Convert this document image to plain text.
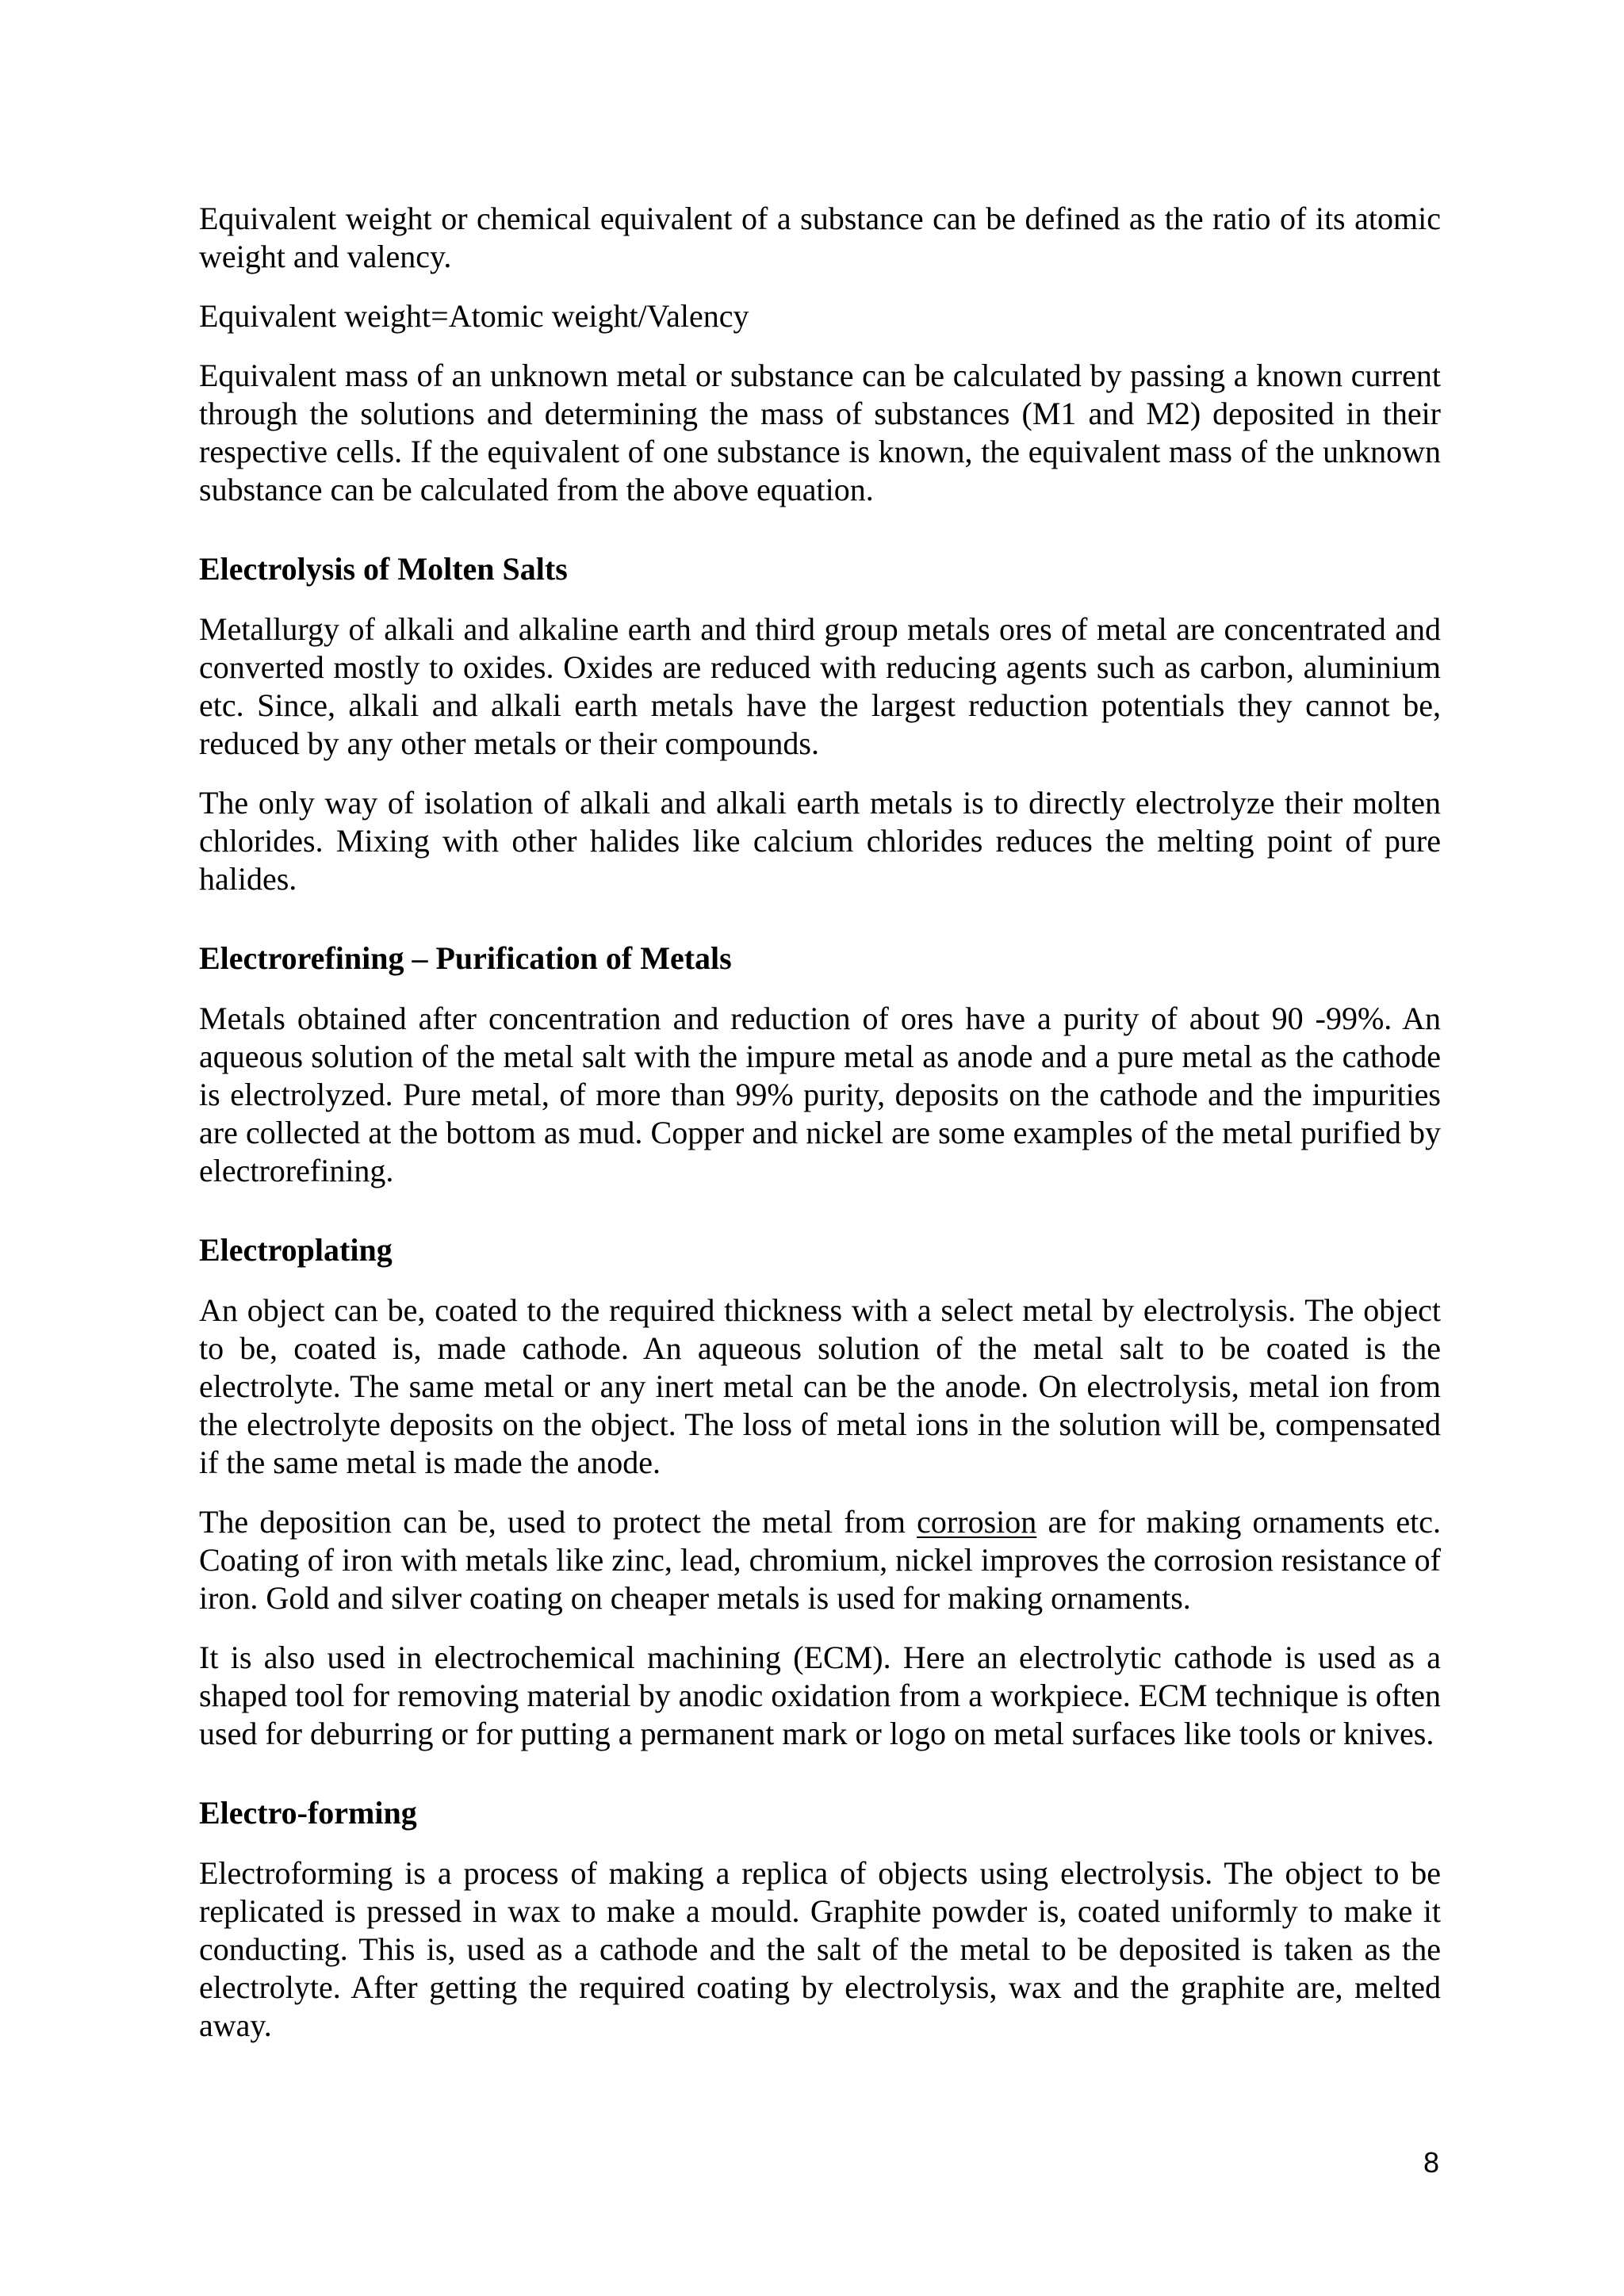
Equivalent weight or chemical equivalent of a substance can be defined as the ratio of its atomic weight and valency.

Equivalent weight=Atomic weight/Valency

Equivalent mass of an unknown metal or substance can be calculated by passing a known current through the solutions and determining the mass of substances (M1 and M2) deposited in their respective cells. If the equivalent of one substance is known, the equivalent mass of the unknown substance can be calculated from the above equation.

Electrolysis of Molten Salts

Metallurgy of alkali and alkaline earth and third group metals ores of metal are concentrated and converted mostly to oxides. Oxides are reduced with reducing agents such as carbon, aluminium etc. Since, alkali and alkali earth metals have the largest reduction potentials they cannot be, reduced by any other metals or their compounds.

The only way of isolation of alkali and alkali earth metals is to directly electrolyze their molten chlorides. Mixing with other halides like calcium chlorides reduces the melting point of pure halides.

Electrorefining – Purification of Metals

Metals obtained after concentration and reduction of ores have a purity of about 90 -99%. An aqueous solution of the metal salt with the impure metal as anode and a pure metal as the cathode is electrolyzed. Pure metal, of more than 99% purity, deposits on the cathode and the impurities are collected at the bottom as mud. Copper and nickel are some examples of the metal purified by electrorefining.

Electroplating

An object can be, coated to the required thickness with a select metal by electrolysis. The object to be, coated is, made cathode. An aqueous solution of the metal salt to be coated is the electrolyte. The same metal or any inert metal can be the anode. On electrolysis, metal ion from the electrolyte deposits on the object. The loss of metal ions in the solution will be, compensated if the same metal is made the anode.

The deposition can be, used to protect the metal from corrosion are for making ornaments etc. Coating of iron with metals like zinc, lead, chromium, nickel improves the corrosion resistance of iron. Gold and silver coating on cheaper metals is used for making ornaments.

It is also used in electrochemical machining (ECM). Here an electrolytic cathode is used as a shaped tool for removing material by anodic oxidation from a workpiece. ECM technique is often used for deburring or for putting a permanent mark or logo on metal surfaces like tools or knives.

Electro-forming

Electroforming is a process of making a replica of objects using electrolysis. The object to be replicated is pressed in wax to make a mould. Graphite powder is, coated uniformly to make it conducting. This is, used as a cathode and the salt of the metal to be deposited is taken as the electrolyte. After getting the required coating by electrolysis, wax and the graphite are, melted away.

8
